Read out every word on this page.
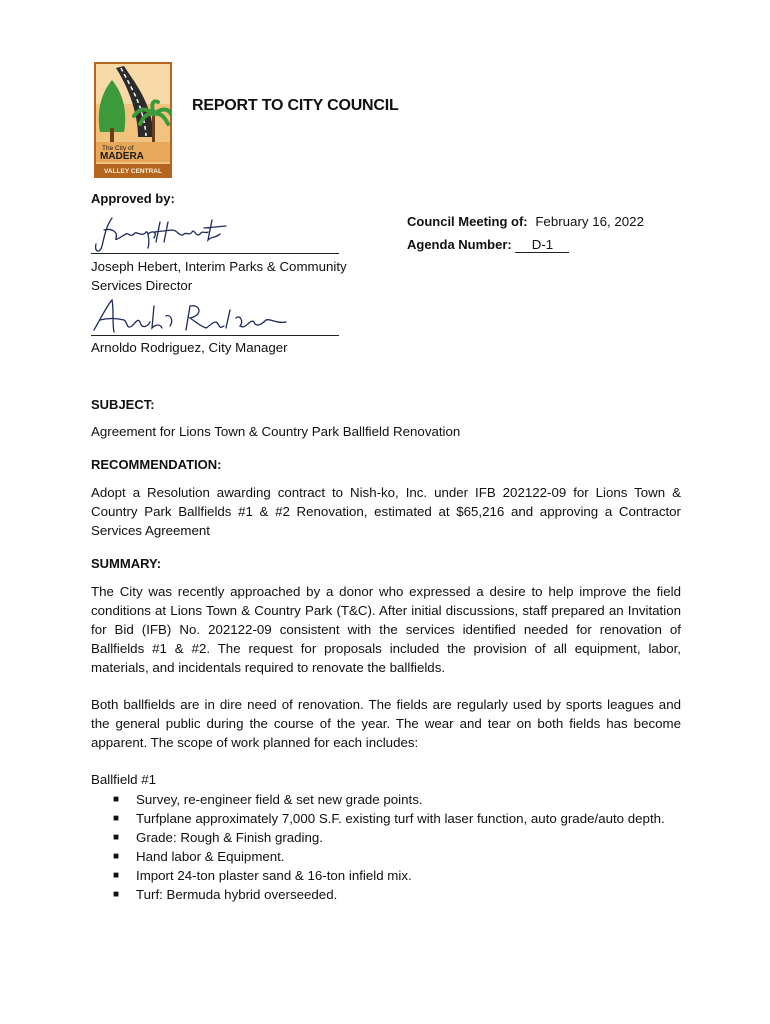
The City of
MADERA
VALLEY CENTRAL
REPORT TO CITY COUNCIL
Approved by:
Joseph Hebert, Interim Parks & Community
Services Director
Arnoldo Rodriguez, City Manager
Council Meeting of: February 16, 2022
Agenda Number: D-1
SUBJECT:
Agreement for Lions Town & Country Park Ballfield Renovation
RECOMMENDATION:
Adopt a Resolution awarding contract to Nish-ko, Inc. under IFB 202122-09 for Lions Town & Country Park Ballfields #1 & #2 Renovation, estimated at $65,216 and approving a Contractor Services Agreement
SUMMARY:
The City was recently approached by a donor who expressed a desire to help improve the field conditions at Lions Town & Country Park (T&C). After initial discussions, staff prepared an Invitation for Bid (IFB) No. 202122-09 consistent with the services identified needed for renovation of Ballfields #1 & #2. The request for proposals included the provision of all equipment, labor, materials, and incidentals required to renovate the ballfields.
Both ballfields are in dire need of renovation. The fields are regularly used by sports leagues and the general public during the course of the year. The wear and tear on both fields has become apparent. The scope of work planned for each includes:
Ballfield #1
■ Survey, re-engineer field & set new grade points.
■ Turfplane approximately 7,000 S.F. existing turf with laser function, auto grade/auto depth.
■ Grade: Rough & Finish grading.
■ Hand labor & Equipment.
■ Import 24-ton plaster sand & 16-ton infield mix.
■ Turf: Bermuda hybrid overseeded.
